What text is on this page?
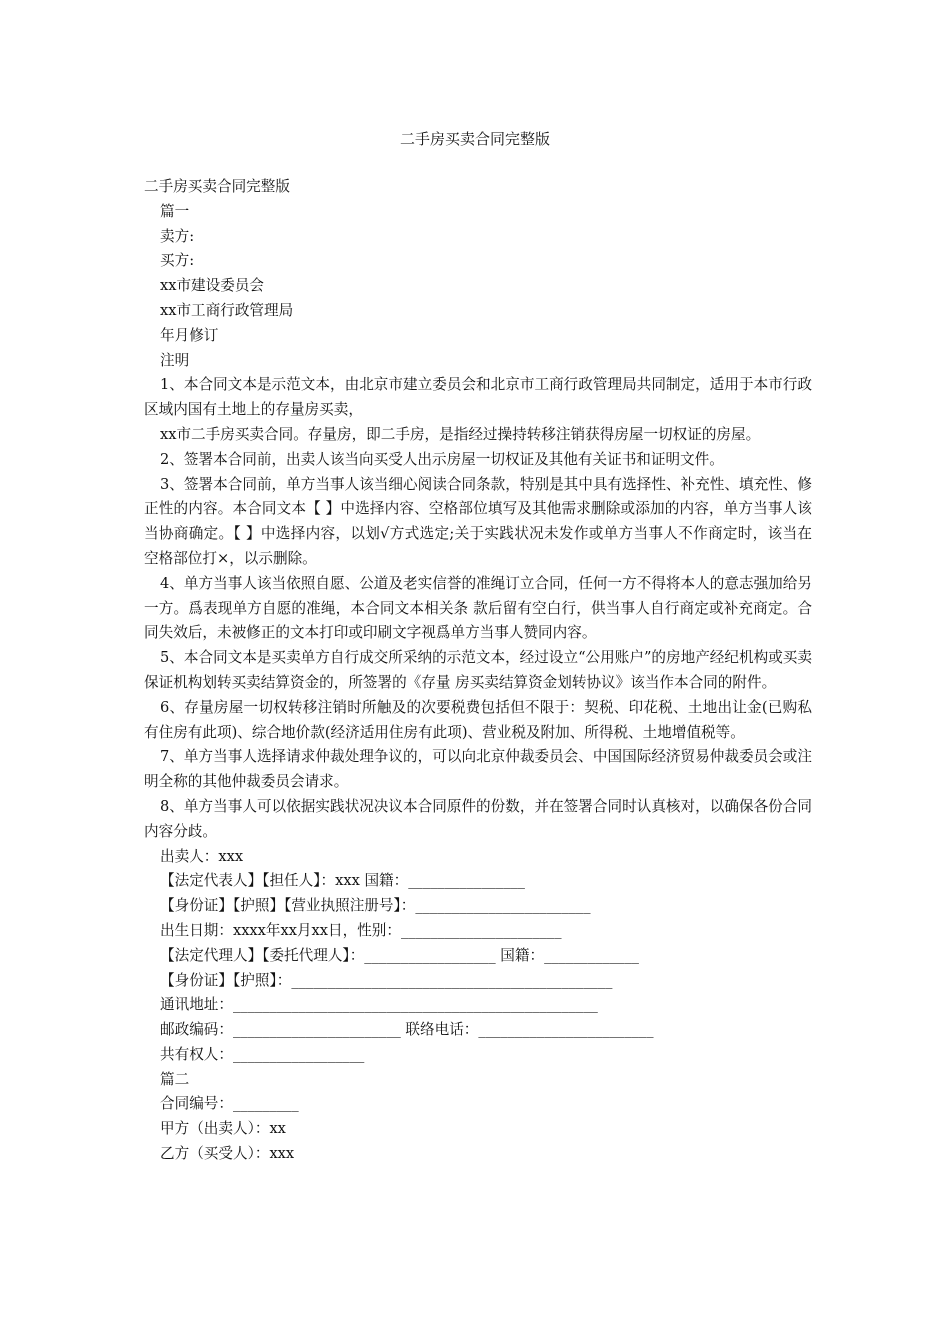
二手房买卖合同完整版
二手房买卖合同完整版
篇一
卖方:
买方:
xx市建设委员会
xx市工商行政管理局
年月修订
注明
1、本合同文本是示范文本，由北京市建立委员会和北京市工商行政管理局共同制定，适用于本市行政区域内国有土地上的存量房买卖，
xx市二手房买卖合同。存量房，即二手房，是指经过操持转移注销获得房屋一切权证的房屋。
2、签署本合同前，出卖人该当向买受人出示房屋一切权证及其他有关证书和证明文件。
3、签署本合同前，单方当事人该当细心阅读合同条款，特别是其中具有选择性、补充性、填充性、修正性的内容。本合同文本【 】中选择内容、空格部位填写及其他需求删除或添加的内容，单方当事人该当协商确定。【 】中选择内容，以划√方式选定;关于实践状况未发作或单方当事人不作商定时，该当在空格部位打×，以示删除。
4、单方当事人该当依照自愿、公道及老实信誉的准绳订立合同，任何一方不得将本人的意志强加给另一方。爲表现单方自愿的准绳，本合同文本相关条 款后留有空白行，供当事人自行商定或补充商定。合同失效后，未被修正的文本打印或印刷文字视爲单方当事人赞同内容。
5、本合同文本是买卖单方自行成交所采纳的示范文本，经过设立“公用账户”的房地产经纪机构或买卖保证机构划转买卖结算资金的，所签署的《存量 房买卖结算资金划转协议》该当作本合同的附件。
6、存量房屋一切权转移注销时所触及的次要税费包括但不限于：契税、印花税、土地出让金(已购私有住房有此项)、综合地价款(经济适用住房有此项)、营业税及附加、所得税、土地增值税等。
7、单方当事人选择请求仲裁处理争议的，可以向北京仲裁委员会、中国国际经济贸易仲裁委员会或注明全称的其他仲裁委员会请求。
8、单方当事人可以依据实践状况决议本合同原件的份数，并在签署合同时认真核对，以确保各份合同内容分歧。
出卖人：xxx
【法定代表人】【担任人】：xxx 国籍：________________
【身份证】【护照】【营业执照注册号】：________________________
出生日期：xxxx年xx月xx日，性别：______________________
【法定代理人】【委托代理人】：__________________ 国籍：_____________
【身份证】【护照】：____________________________________________
通讯地址：__________________________________________________
邮政编码：_______________________ 联络电话：________________________
共有权人：__________________
篇二
合同编号：_________
甲方（出卖人）：xx
乙方（买受人）：xxx
